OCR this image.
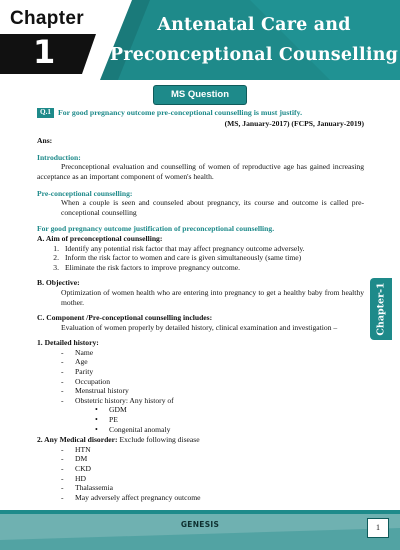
Chapter
1
Antenatal Care and
Preconceptional Counselling
MS Question
Q.1 For good pregnancy outcome pre-conceptional counselling is must justify.
(MS, January-2017) (FCPS, January-2019)
Ans:
Introduction:
Preconceptional evaluation and counselling of women of reproductive age has gained increasing acceptance as an important component of women's health.
Pre-conceptional counselling:
When a couple is seen and counseled about pregnancy, its course and outcome is called pre-conceptional counselling
For good pregnancy outcome justification of preconceptional counselling.
A. Aim of preconceptional counselling:
1. Identify any potential risk factor that may affect pregnancy outcome adversely.
2. Inform the risk factor to women and care is given simultaneously (same time)
3. Eliminate the risk factors to improve pregnancy outcome.
B. Objective:
Optimization of women health who are entering into pregnancy to get a healthy baby from healthy mother.
C. Component /Pre-conceptional counselling includes:
Evaluation of women properly by detailed history, clinical examination and investigation –
1. Detailed history:
-	Name
-	Age
-	Parity
-	Occupation
-	Menstrual history
-	Obstetric history: Any history of
•	GDM
•	PE
•	Congenital anomaly
2. Any Medical disorder: Exclude following disease
-	HTN
-	DM
-	CKD
-	HD
-	Thalassemia
-	May adversely affect pregnancy outcome
Chapter-1
GENESIS	1
